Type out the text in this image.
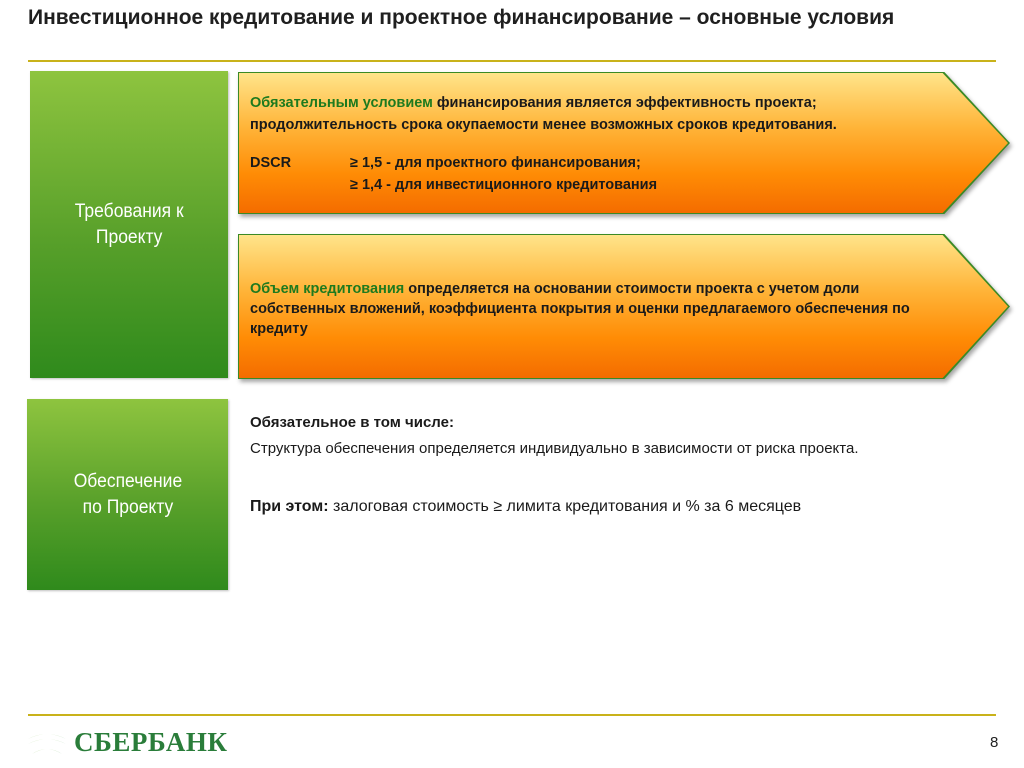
Инвестиционное кредитование и проектное финансирование – основные условия
Требования к
Проекту
Обязательным условием финансирования является эффективность проекта; продолжительность срока окупаемости менее возможных сроков кредитования.
DSCR	≥ 1,5 - для проектного финансирования;
≥ 1,4 - для инвестиционного кредитования
Объем кредитования определяется на основании стоимости проекта с учетом доли собственных вложений, коэффициента покрытия и оценки предлагаемого обеспечения по кредиту
Обеспечение
по Проекту
Обязательное в том числе:
Структура обеспечения определяется индивидуально в зависимости от риска проекта.
При этом: залоговая стоимость ≥ лимита кредитования и % за 6 месяцев
СБЕРБАНК	8
